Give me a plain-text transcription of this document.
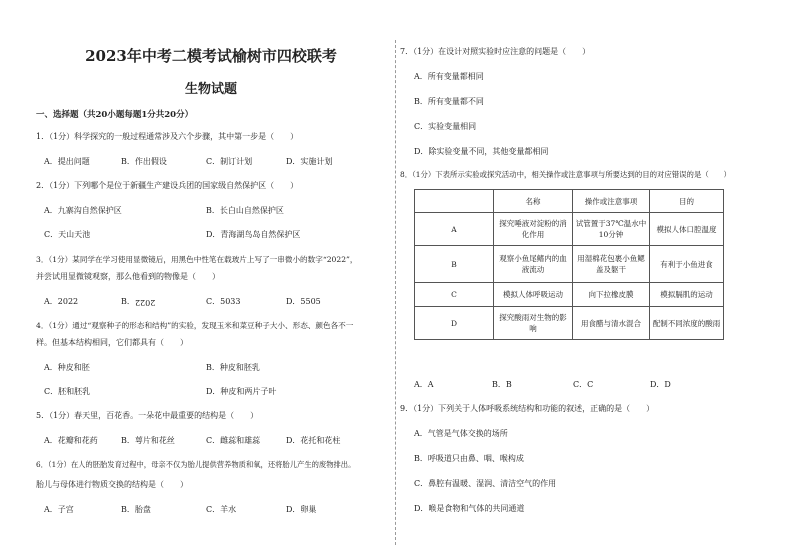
2023年中考二模考试榆树市四校联考
生物试题
一、选择题（共20小题每题1分共20分）
1．（1分）科学探究的一般过程通常涉及六个步骤，其中第一步是（　　）
A．提出问题	B．作出假设	C．制订计划	D．实施计划
2．（1分）下列哪个是位于新疆生产建设兵团的国家级自然保护区（　　）
A．九寨沟自然保护区	B．长白山自然保护区
C．天山天池	D．青海湖鸟岛自然保护区
3．（1分）某同学在学习使用显微镜后，用黑色中性笔在载玻片上写了一串微小的数字“2022”，
并尝试用显微镜观察，那么他看到的物像是（　　）
A．2022	B．2022	C．5033	D．5505
4．（1分）通过“观察种子的形态和结构”的实验，发现玉米和菜豆种子大小、形态、颜色各不一
样。但基本结构相同，它们都具有（　　）
A．种皮和胚	B．种皮和胚乳
C．胚和胚乳	D．种皮和两片子叶
5．（1分）春天里，百花香。一朵花中最重要的结构是（　　）
A．花瓣和花药	B．萼片和花丝	C．雌蕊和雄蕊	D．花托和花柱
6．（1分）在人的胚胎发育过程中，母亲不仅为胎儿提供营养物质和氧，还将胎儿产生的废物排出。
胎儿与母体进行物质交换的结构是（　　）
A．子宫	B．胎盘	C．羊水	D．卵巢
7．（1分）在设计对照实验时应注意的问题是（　　）
A．所有变量都相同
B．所有变量都不同
C．实验变量相同
D．除实验变量不同，其他变量都相同
8．（1分）下表所示实验或探究活动中，相关操作或注意事项与所要达到的目的对应错误的是（　　）
	名称	操作或注意事项	目的
A	探究唾液对淀粉的消化作用	试管置于37℃温水中10分钟	模拟人体口腔温度
B	观察小鱼尾鳍内的血液流动	用湿棉花包裹小鱼鳃盖及躯干	有利于小鱼进食
C	模拟人体呼吸运动	向下拉橡皮膜	模拟膈肌的运动
D	探究酸雨对生物的影响	用食醋与清水混合	配制不同浓度的酸雨
A．A	B．B	C．C	D．D
9．（1分）下列关于人体呼吸系统结构和功能的叙述，正确的是（　　）
A．气管是气体交换的场所
B．呼吸道只由鼻、咽、喉构成
C．鼻腔有温暖、湿润、清洁空气的作用
D．喉是食物和气体的共同通道
